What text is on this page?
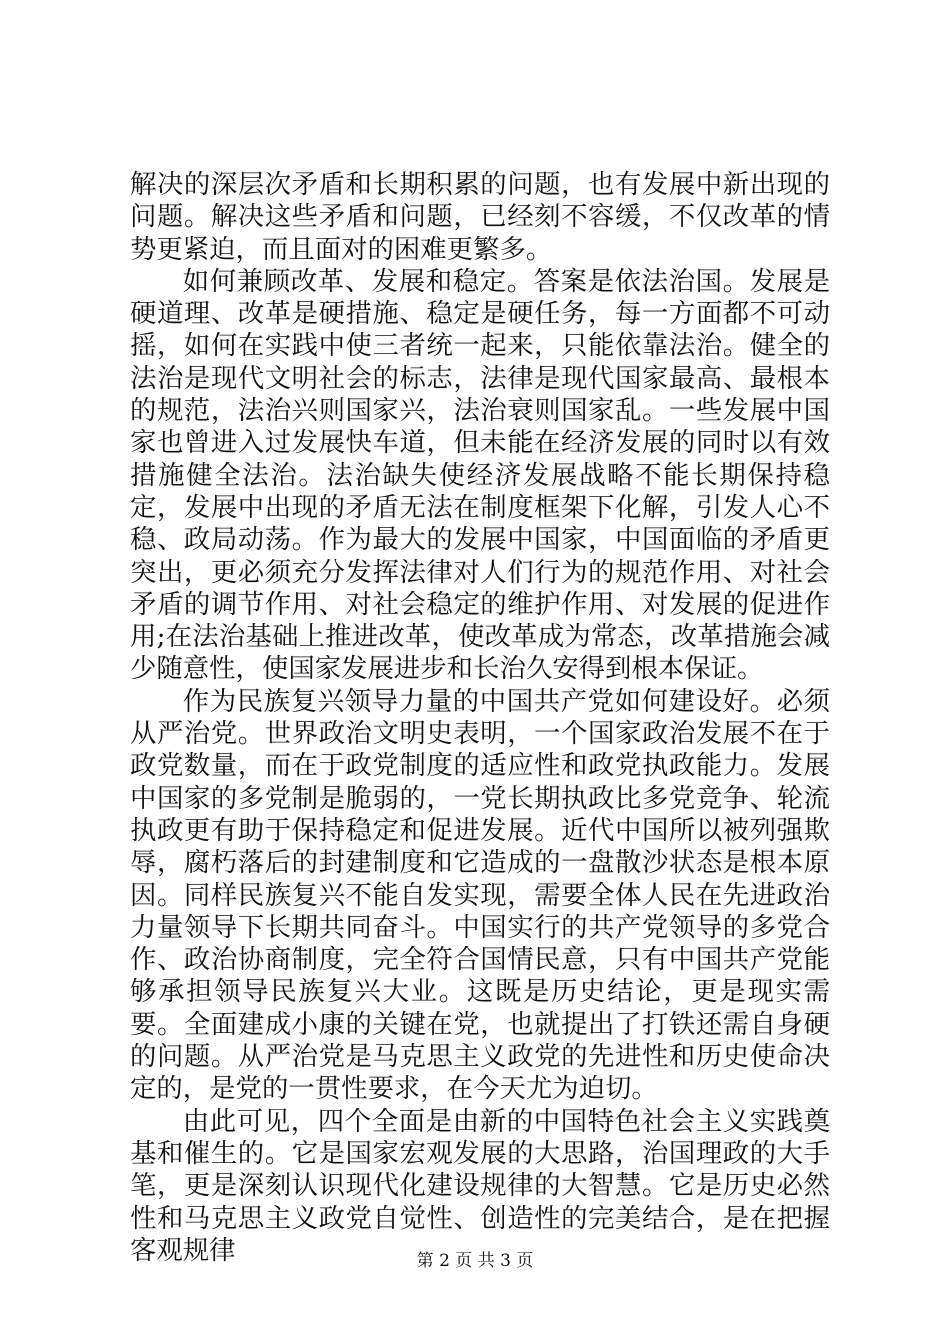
解决的深层次矛盾和长期积累的问题，也有发展中新出现的问题。解决这些矛盾和问题，已经刻不容缓，不仅改革的情势更紧迫，而且面对的困难更繁多。

如何兼顾改革、发展和稳定。答案是依法治国。发展是硬道理、改革是硬措施、稳定是硬任务，每一方面都不可动摇，如何在实践中使三者统一起来，只能依靠法治。健全的法治是现代文明社会的标志，法律是现代国家最高、最根本的规范，法治兴则国家兴，法治衰则国家乱。一些发展中国家也曾进入过发展快车道，但未能在经济发展的同时以有效措施健全法治。法治缺失使经济发展战略不能长期保持稳定，发展中出现的矛盾无法在制度框架下化解，引发人心不稳、政局动荡。作为最大的发展中国家，中国面临的矛盾更突出，更必须充分发挥法律对人们行为的规范作用、对社会矛盾的调节作用、对社会稳定的维护作用、对发展的促进作用;在法治基础上推进改革，使改革成为常态，改革措施会减少随意性，使国家发展进步和长治久安得到根本保证。

作为民族复兴领导力量的中国共产党如何建设好。必须从严治党。世界政治文明史表明，一个国家政治发展不在于政党数量，而在于政党制度的适应性和政党执政能力。发展中国家的多党制是脆弱的，一党长期执政比多党竞争、轮流执政更有助于保持稳定和促进发展。近代中国所以被列强欺辱，腐朽落后的封建制度和它造成的一盘散沙状态是根本原因。同样民族复兴不能自发实现，需要全体人民在先进政治力量领导下长期共同奋斗。中国实行的共产党领导的多党合作、政治协商制度，完全符合国情民意，只有中国共产党能够承担领导民族复兴大业。这既是历史结论，更是现实需要。全面建成小康的关键在党，也就提出了打铁还需自身硬的问题。从严治党是马克思主义政党的先进性和历史使命决定的，是党的一贯性要求，在今天尤为迫切。

由此可见，四个全面是由新的中国特色社会主义实践奠基和催生的。它是国家宏观发展的大思路，治国理政的大手笔，更是深刻认识现代化建设规律的大智慧。它是历史必然性和马克思主义政党自觉性、创造性的完美结合，是在把握客观规律	第 2 页 共 3 页
